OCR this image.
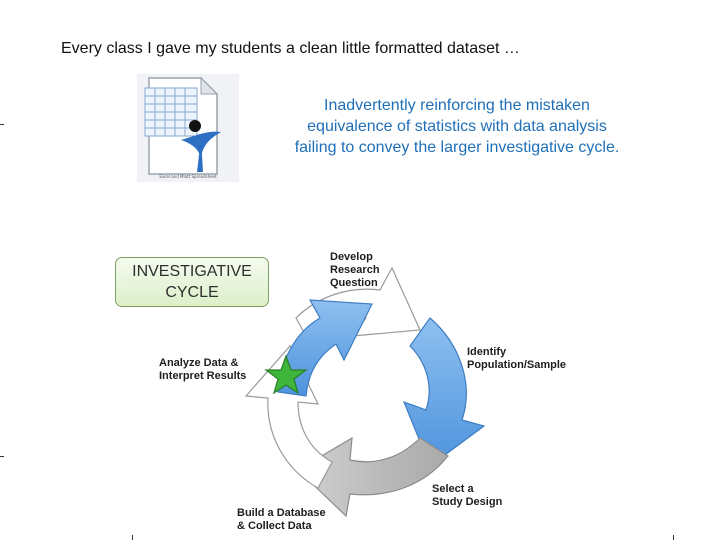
Every class I gave my students a clean little formatted dataset …
Excel and Mlatt Spreadsheet
Inadvertently reinforcing the mistaken
equivalence of statistics with data analysis
failing to convey the larger investigative cycle.
INVESTIGATIVE
CYCLE
Develop
Research
Question
Identify
Population/Sample
Select a
Study Design
Build a Database
& Collect Data
Analyze Data &
Interpret Results
